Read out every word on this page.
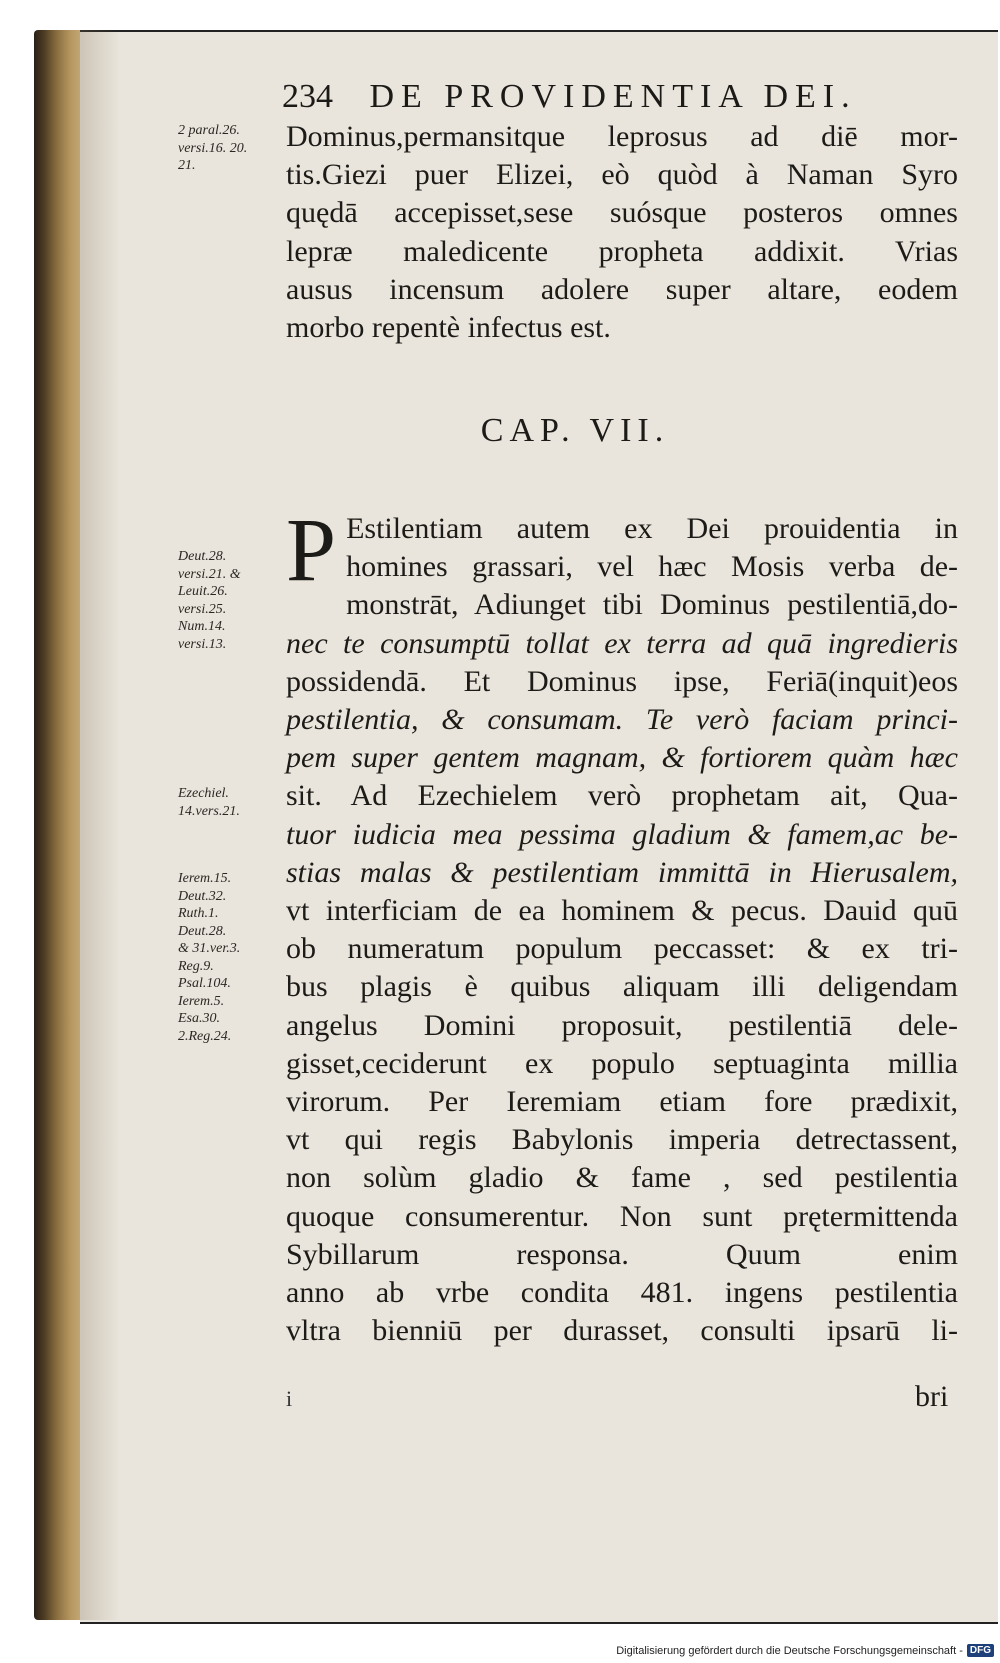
234 DE PROVIDENTIA DEI.
2 paral.26.
versi.16. 20.
21.
Dominus,permansitque leprosus ad diē mor-
tis.Giezi puer Elizei, eò quòd à Naman Syro
quędā accepisset,sese suósque posteros omnes
lepræ maledicente propheta addixit. Vrias
ausus incensum adolere super altare, eodem
morbo repentè infectus est.
CAP. VII.
Deut.28.
versi.21. &
Leuit.26.
versi.25.
Num.14.
versi.13.
Ezechiel.
14.vers.21.
Ierem.15.
Deut.32.
Ruth.1.
Deut.28.
& 31.ver.3.
Reg.9.
Psal.104.
Ierem.5.
Esa.30.
2.Reg.24.
P Estilentiam autem ex Dei prouidentia in
homines grassari, vel hæc Mosis verba de-
monstrāt, Adiunget tibi Dominus pestilentiā,do-
nec te consumptū tollat ex terra ad quā ingredieris
possidendā. Et Dominus ipse, Feriā(inquit)eos
pestilentia, & consumam. Te verò faciam princi-
pem super gentem magnam, & fortiorem quàm hæc
sit. Ad Ezechielem verò prophetam ait, Qua-
tuor iudicia mea pessima gladium & famem,ac be-
stias malas & pestilentiam immittā in Hierusalem,
vt interficiam de ea hominem & pecus. Dauid quū
ob numeratum populum peccasset: & ex tri-
bus plagis è quibus aliquam illi deligendam
angelus Domini proposuit, pestilentiā dele-
gisset,ceciderunt ex populo septuaginta millia
virorum. Per Ieremiam etiam fore prædixit,
vt qui regis Babylonis imperia detrectassent,
non solùm gladio & fame , sed pestilentia
quoque consumerentur. Non sunt prętermittenda
Sybillarum responsa. Quum enim
anno ab vrbe condita 481. ingens pestilentia
vltra bienniū per durasset, consulti ipsarū li-
i	bri
Digitalisierung gefördert durch die Deutsche Forschungsgemeinschaft - DFG
